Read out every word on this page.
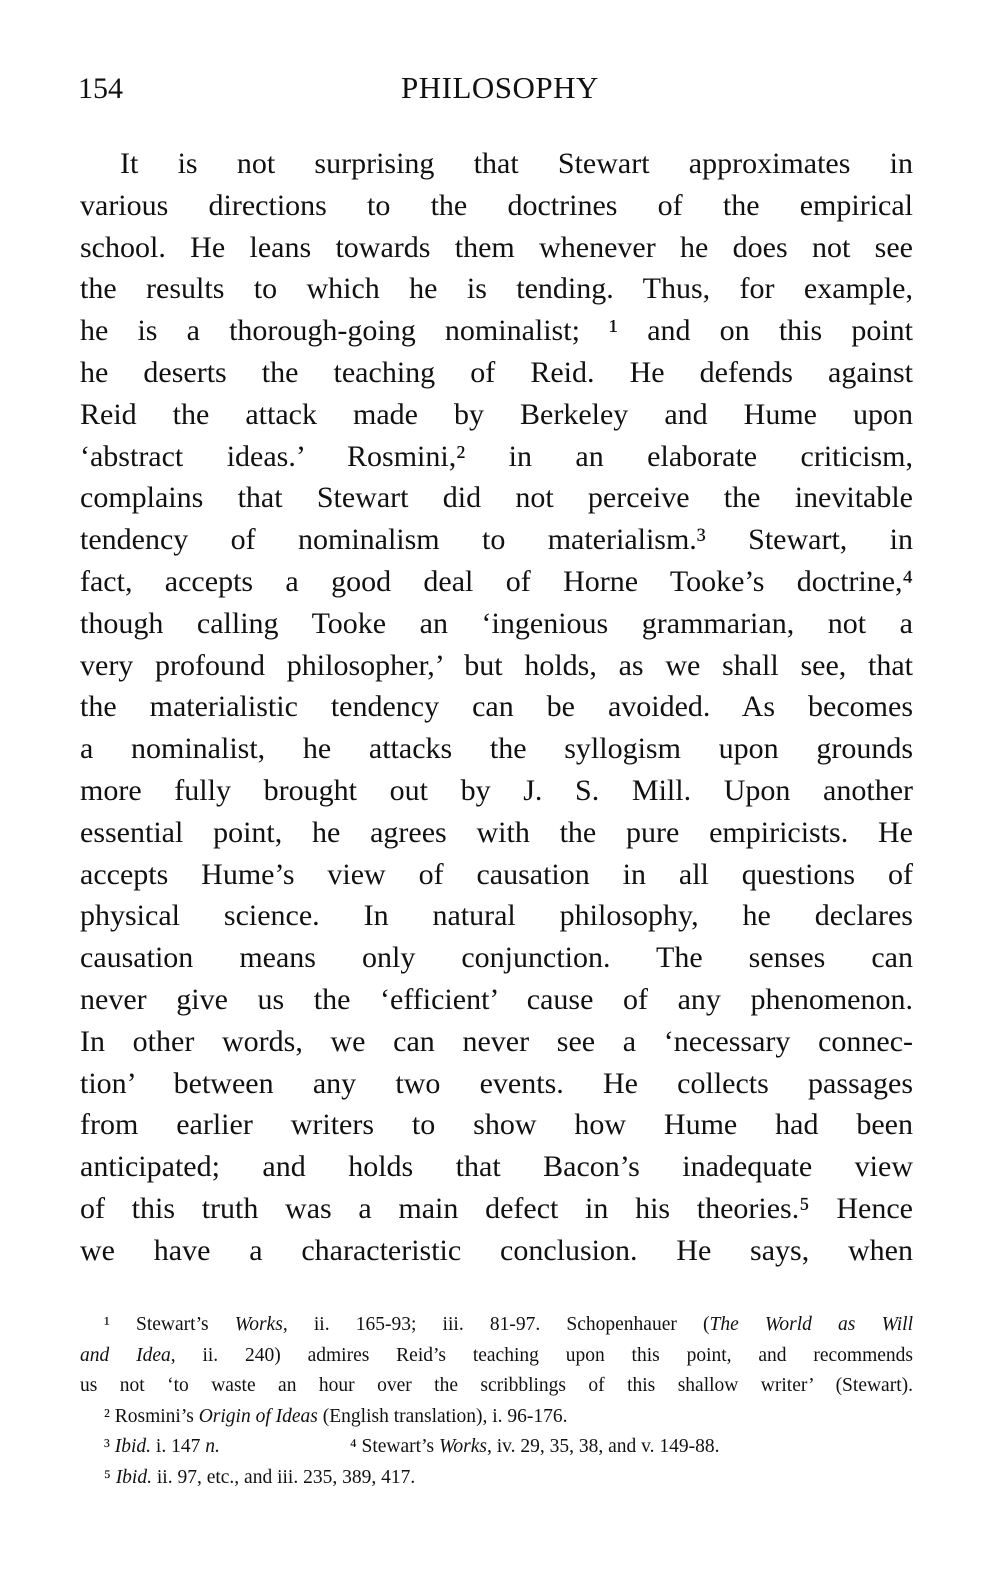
154	PHILOSOPHY
It is not surprising that Stewart approximates in
various directions to the doctrines of the empirical
school. He leans towards them whenever he does not see
the results to which he is tending. Thus, for example,
he is a thorough-going nominalist; ¹ and on this point
he deserts the teaching of Reid. He defends against
Reid the attack made by Berkeley and Hume upon
‘abstract ideas.’ Rosmini,² in an elaborate criticism,
complains that Stewart did not perceive the inevitable
tendency of nominalism to materialism.³ Stewart, in
fact, accepts a good deal of Horne Tooke’s doctrine,⁴
though calling Tooke an ‘ingenious grammarian, not a
very profound philosopher,’ but holds, as we shall see, that
the materialistic tendency can be avoided. As becomes
a nominalist, he attacks the syllogism upon grounds
more fully brought out by J. S. Mill. Upon another
essential point, he agrees with the pure empiricists. He
accepts Hume’s view of causation in all questions of
physical science. In natural philosophy, he declares
causation means only conjunction. The senses can
never give us the ‘efficient’ cause of any phenomenon.
In other words, we can never see a ‘necessary connec-
tion’ between any two events. He collects passages
from earlier writers to show how Hume had been
anticipated; and holds that Bacon’s inadequate view
of this truth was a main defect in his theories.⁵ Hence
we have a characteristic conclusion. He says, when
¹ Stewart’s Works, ii. 165-93; iii. 81-97. Schopenhauer (The World as Will
and Idea, ii. 240) admires Reid’s teaching upon this point, and recommends
us not ‘to waste an hour over the scribblings of this shallow writer’ (Stewart).
² Rosmini’s Origin of Ideas (English translation), i. 96-176.
³ Ibid. i. 147 n.	⁴ Stewart’s Works, iv. 29, 35, 38, and v. 149-88.
⁵ Ibid. ii. 97, etc., and iii. 235, 389, 417.
